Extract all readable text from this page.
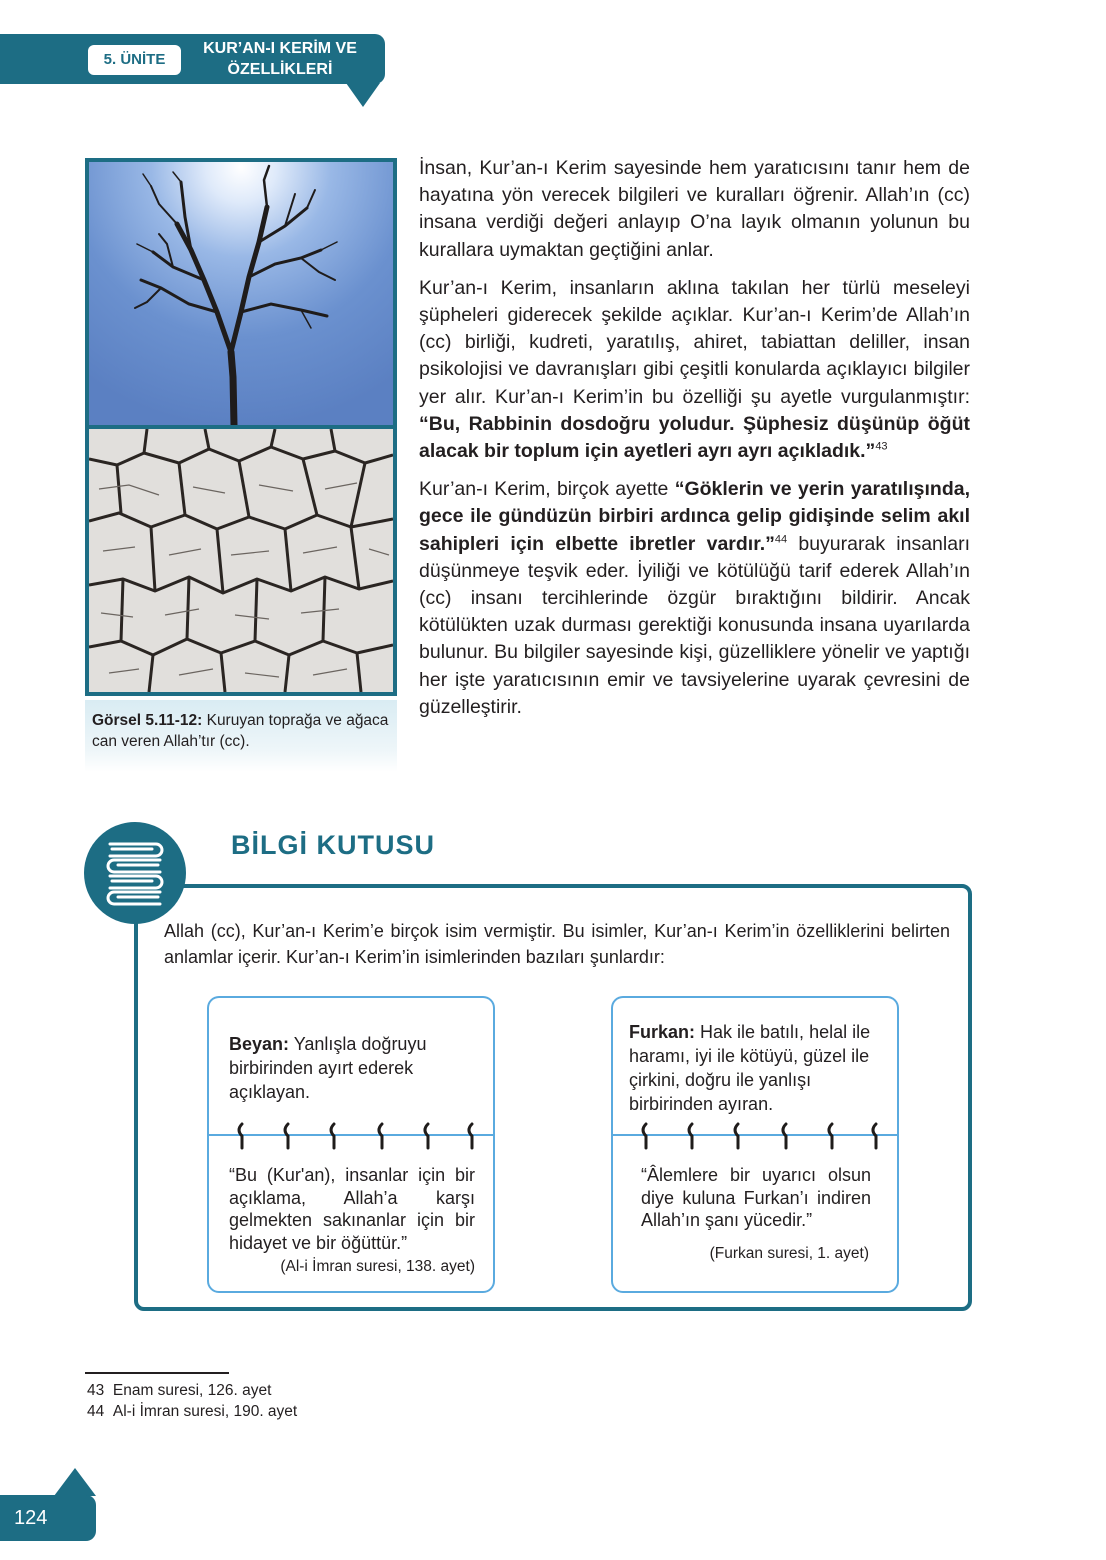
5. ÜNİTE
KUR’AN-I KERİM VE
ÖZELLİKLERİ
Görsel 5.11-12: Kuruyan toprağa ve ağaca can veren Allah’tır (cc).

İnsan, Kur’an-ı Kerim sayesinde hem yaratıcısını tanır hem de hayatına yön verecek bilgileri ve kuralları öğrenir. Allah’ın (cc) insana verdiği değeri anlayıp O’na layık olmanın yolunun bu kurallara uymaktan geçtiğini anlar.

Kur’an-ı Kerim, insanların aklına takılan her türlü meseleyi şüpheleri giderecek şekilde açıklar. Kur’an-ı Kerim’de Allah’ın (cc) birliği, kudreti, yaratılış, ahiret, tabiattan deliller, insan psikolojisi ve davranışları gibi çeşitli konularda açıklayıcı bilgiler yer alır. Kur’an-ı Kerim’in bu özelliği şu ayetle vurgulanmıştır: “Bu, Rabbinin dosdoğru yoludur. Şüphesiz düşünüp öğüt alacak bir toplum için ayetleri ayrı ayrı açıkladık.”$^{43}$

Kur’an-ı Kerim, birçok ayette “Göklerin ve yerin yaratılışında, gece ile gündüzün birbiri ardınca gelip gidişinde selim akıl sahipleri için elbette ibretler vardır.”$^{44}$ buyurarak insanları düşünmeye teşvik eder. İyiliği ve kötülüğü tarif ederek Allah’ın (cc) insanı tercihlerinde özgür bıraktığını bildirir. Ancak kötülükten uzak durması gerektiği konusunda insana uyarılarda bulunur. Bu bilgiler sayesinde kişi, güzelliklere yönelir ve yaptığı her işte yaratıcısının emir ve tavsiyelerine uyarak çevresini de güzelleştirir.

BİLGİ KUTUSU
Allah (cc), Kur’an-ı Kerim’e birçok isim vermiştir. Bu isimler, Kur’an-ı Kerim’in özelliklerini belirten anlamlar içerir. Kur’an-ı Kerim’in isimlerinden bazıları şunlardır:
Beyan: Yanlışla doğruyu birbirinden ayırt ederek açıklayan.
“Bu (Kur'an), insanlar için bir açıklama, Allah’a karşı gelmekten sakınanlar için bir hidayet ve bir öğüttür.”
(Al-i İmran suresi, 138. ayet)
Furkan: Hak ile batılı, helal ile haramı, iyi ile kötüyü, güzel ile çirkini, doğru ile yanlışı birbirinden ayıran.
“Âlemlere bir uyarıcı olsun diye kuluna Furkan’ı indiren Allah’ın şanı yücedir.”
(Furkan suresi, 1. ayet)
43 Enam suresi, 126. ayet
44 Al-i İmran suresi, 190. ayet
124
